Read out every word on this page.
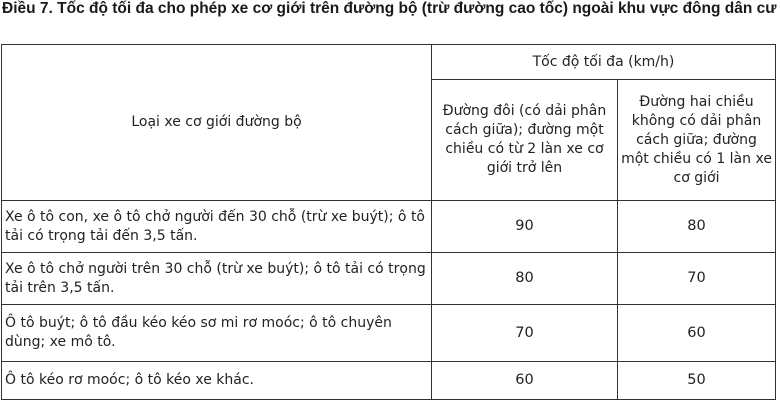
Điều 7. Tốc độ tối đa cho phép xe cơ giới trên đường bộ (trừ đường cao tốc) ngoài khu vực đông dân cư
Loại xe cơ giới đường bộ	Tốc độ tối đa (km/h)	
	Đường đôi (có dải phân cách giữa); đường một chiều có từ 2 làn xe cơ giới trở lên	Đường hai chiều không có dải phân cách giữa; đường một chiều có 1 làn xe cơ giới
Xe ô tô con, xe ô tô chở người đến 30 chỗ (trừ xe buýt); ô tô tải có trọng tải đến 3,5 tấn.	90	80
Xe ô tô chở người trên 30 chỗ (trừ xe buýt); ô tô tải có trọng tải trên 3,5 tấn.	80	70
Ô tô buýt; ô tô đầu kéo kéo sơ mi rơ moóc; ô tô chuyên dùng; xe mô tô.	70	60
Ô tô kéo rơ moóc; ô tô kéo xe khác.	60	50
